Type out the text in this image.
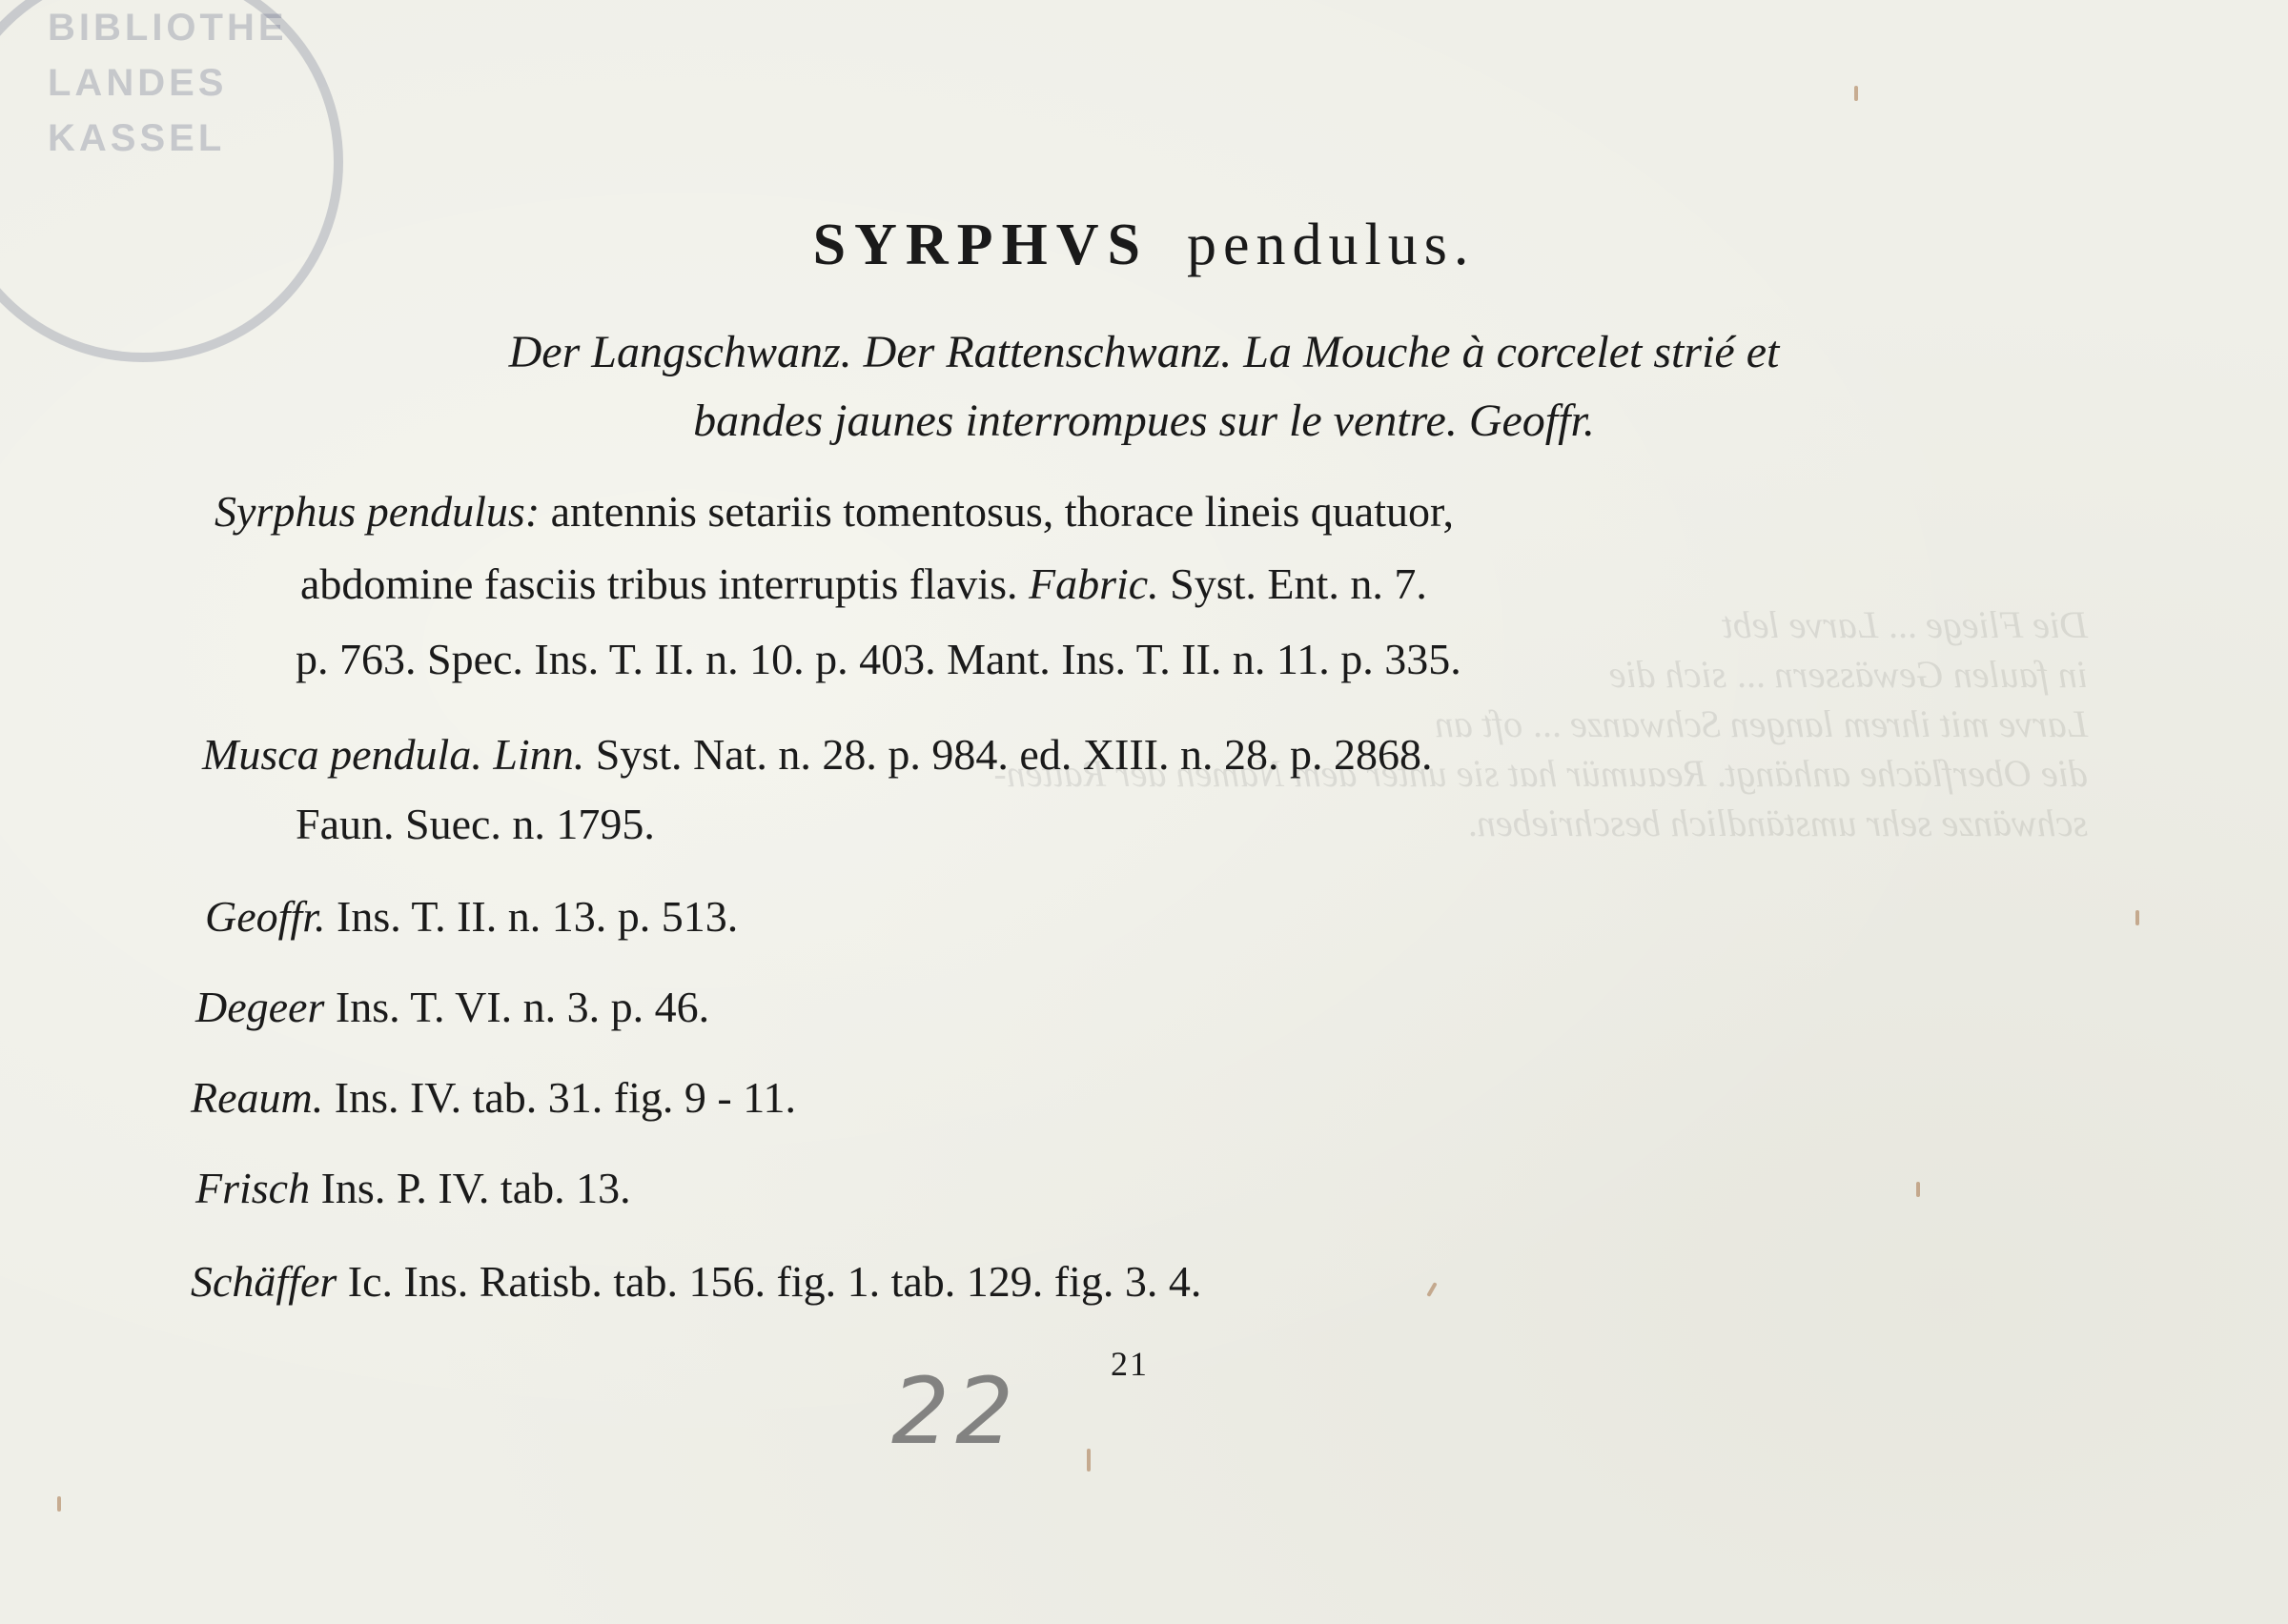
BIBLIOTHE
LANDES
KASSEL
Die Fliege ... Larve lebt
in faulen Gewässern ... sich die
Larve mit ihrem langen Schwanze ... oft an
die Oberfläche anhängt. Reaumür hat sie unter dem Namen der Ratten-
schwänze sehr umständlich beschrieben.
SYRPHVS pendulus.
Der Langschwanz. Der Rattenschwanz. La Mouche à corcelet strié et
bandes jaunes interrompues sur le ventre. Geoffr.
Syrphus pendulus: antennis setariis tomentosus, thorace lineis quatuor,
abdomine fasciis tribus interruptis flavis. Fabric. Syst. Ent. n. 7.
p. 763. Spec. Ins. T. II. n. 10. p. 403. Mant. Ins. T. II. n. 11. p. 335.
Musca pendula. Linn. Syst. Nat. n. 28. p. 984. ed. XIII. n. 28. p. 2868.
Faun. Suec. n. 1795.
Geoffr. Ins. T. II. n. 13. p. 513.
Degeer Ins. T. VI. n. 3. p. 46.
Reaum. Ins. IV. tab. 31. fig. 9 - 11.
Frisch Ins. P. IV. tab. 13.
Schäffer Ic. Ins. Ratisb. tab. 156. fig. 1. tab. 129. fig. 3. 4.
22	21
